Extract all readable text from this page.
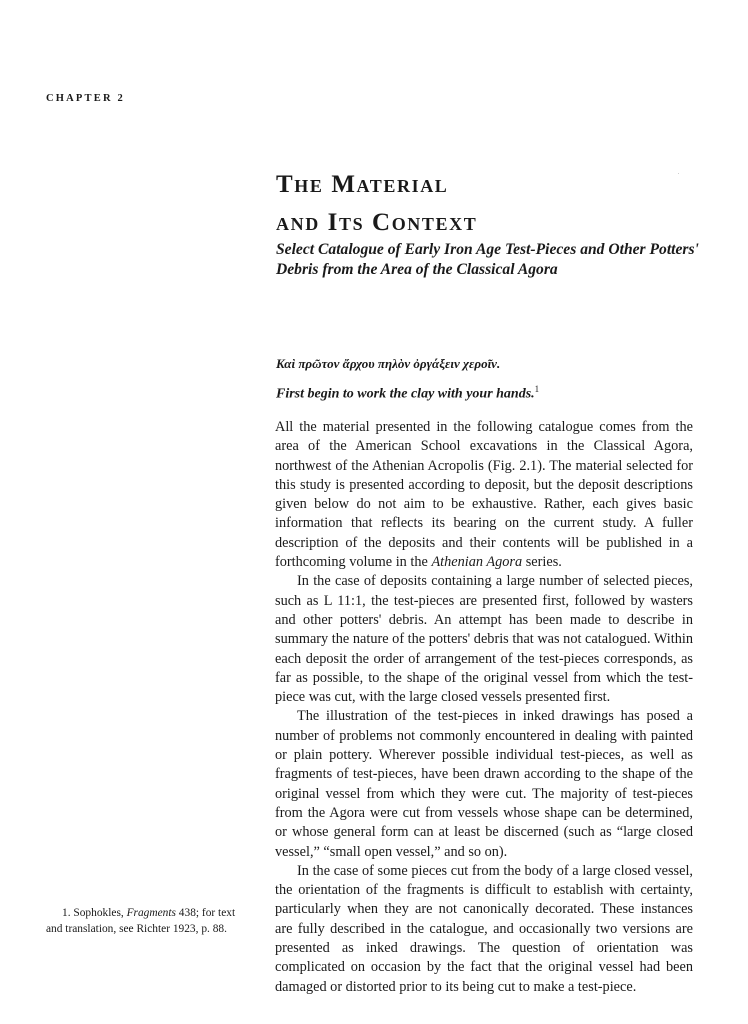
CHAPTER 2
The Material
and Its Context
Select Catalogue of Early Iron Age Test-Pieces and Other Potters' Debris from the Area of the Classical Agora
Καὶ πρῶτον ἄρχου πηλὸν ὀργάξειν χεροῖν.
First begin to work the clay with your hands.$^1$

All the material presented in the following catalogue comes from the area of the American School excavations in the Classical Agora, northwest of the Athenian Acropolis (Fig. 2.1). The material selected for this study is presented according to deposit, but the deposit descriptions given below do not aim to be exhaustive. Rather, each gives basic information that reflects its bearing on the current study. A fuller description of the deposits and their contents will be published in a forthcoming volume in the Athenian Agora series.

In the case of deposits containing a large number of selected pieces, such as L 11:1, the test-pieces are presented first, followed by wasters and other potters' debris. An attempt has been made to describe in summary the nature of the potters' debris that was not catalogued. Within each deposit the order of arrangement of the test-pieces corresponds, as far as possible, to the shape of the original vessel from which the test-piece was cut, with the large closed vessels presented first.

The illustration of the test-pieces in inked drawings has posed a number of problems not commonly encountered in dealing with painted or plain pottery. Wherever possible individual test-pieces, as well as fragments of test-pieces, have been drawn according to the shape of the original vessel from which they were cut. The majority of test-pieces from the Agora were cut from vessels whose shape can be determined, or whose general form can at least be discerned (such as “large closed vessel,” “small open vessel,” and so on).

In the case of some pieces cut from the body of a large closed vessel, the orientation of the fragments is difficult to establish with certainty, particularly when they are not canonically decorated. These instances are fully described in the catalogue, and occasionally two versions are presented as inked drawings. The question of orientation was complicated on occasion by the fact that the original vessel had been damaged or distorted prior to its being cut to make a test-piece.

1. Sophokles, Fragments 438; for text and translation, see Richter 1923, p. 88.
